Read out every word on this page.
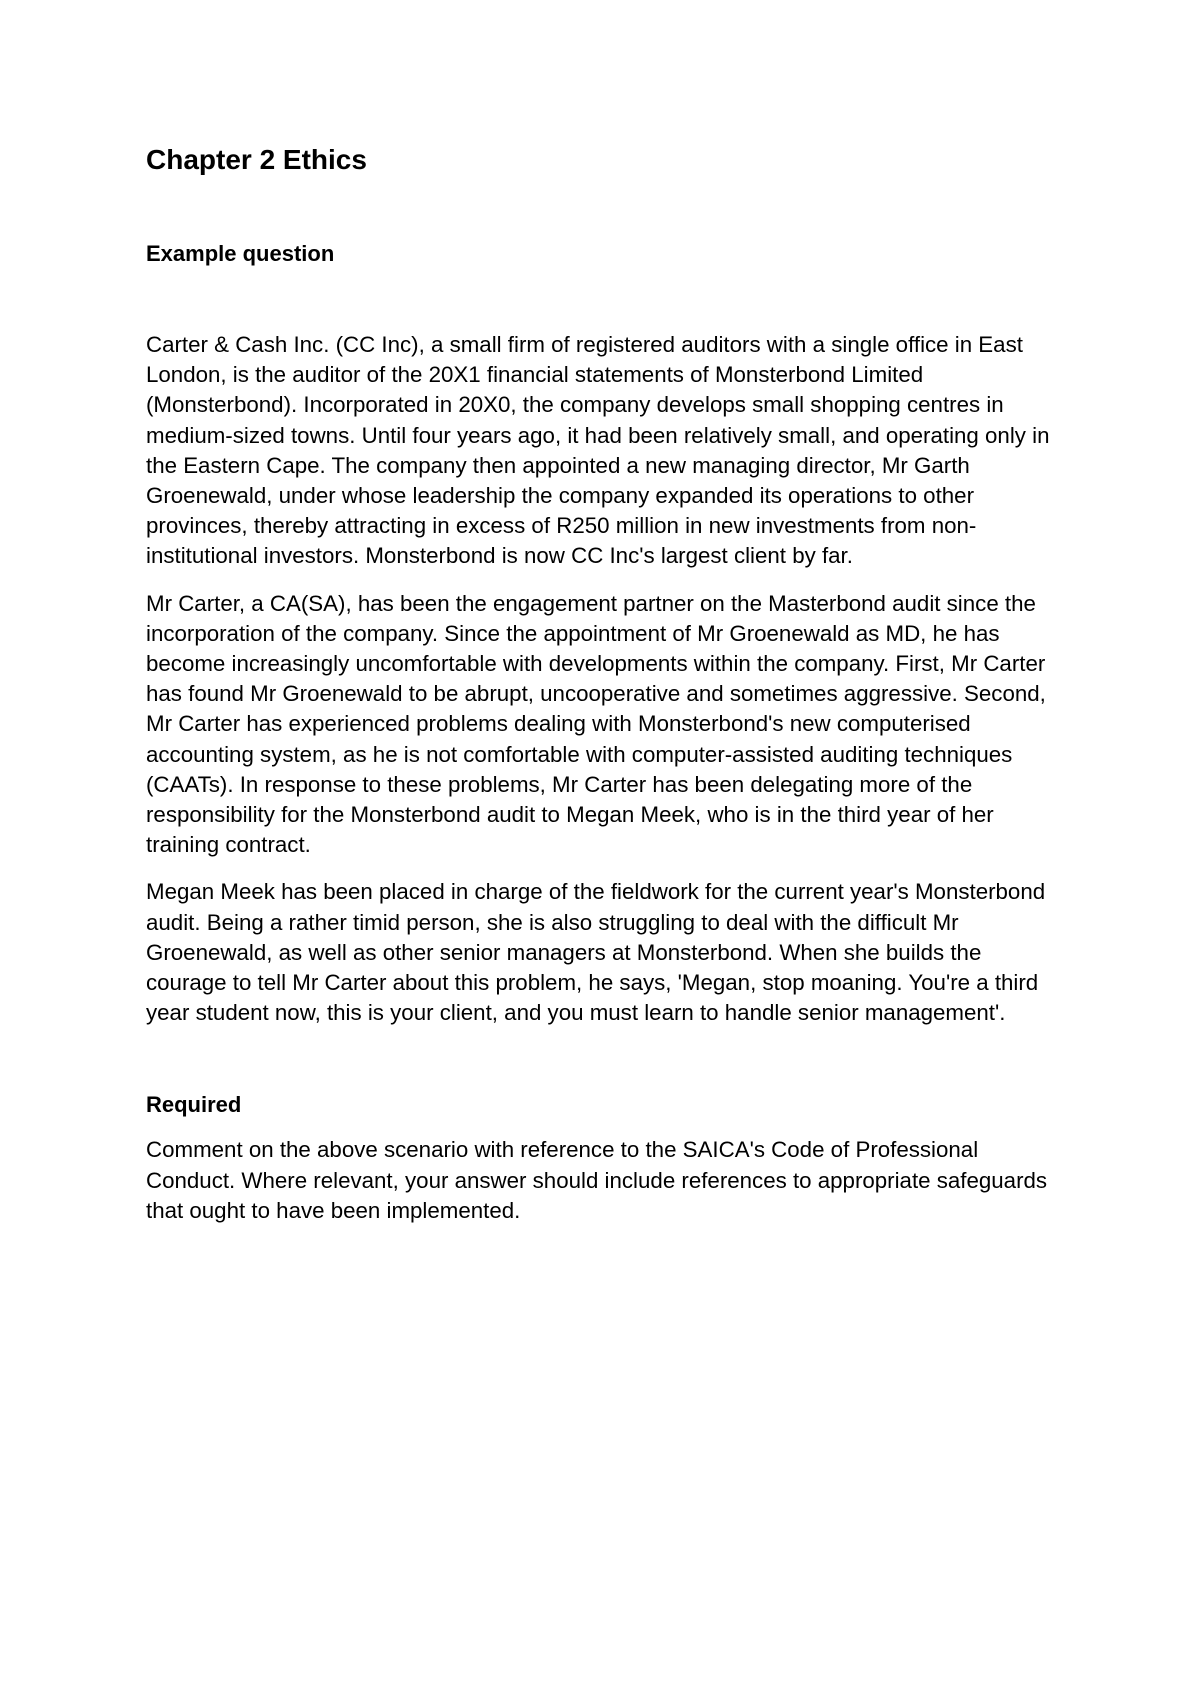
Chapter 2 Ethics
Example question

Carter & Cash Inc. (CC Inc), a small firm of registered auditors with a single office in East London, is the auditor of the 20X1 financial statements of Monsterbond Limited (Monsterbond). Incorporated in 20X0, the company develops small shopping centres in medium-sized towns. Until four years ago, it had been relatively small, and operating only in the Eastern Cape. The company then appointed a new managing director, Mr Garth Groenewald, under whose leadership the company expanded its operations to other provinces, thereby attracting in excess of R250 million in new investments from non-institutional investors. Monsterbond is now CC Inc's largest client by far.

Mr Carter, a CA(SA), has been the engagement partner on the Masterbond audit since the incorporation of the company. Since the appointment of Mr Groenewald as MD, he has become increasingly uncomfortable with developments within the company. First, Mr Carter has found Mr Groenewald to be abrupt, uncooperative and sometimes aggressive. Second, Mr Carter has experienced problems dealing with Monsterbond's new computerised accounting system, as he is not comfortable with computer-assisted auditing techniques (CAATs). In response to these problems, Mr Carter has been delegating more of the responsibility for the Monsterbond audit to Megan Meek, who is in the third year of her training contract.

Megan Meek has been placed in charge of the fieldwork for the current year's Monsterbond audit. Being a rather timid person, she is also struggling to deal with the difficult Mr Groenewald, as well as other senior managers at Monsterbond. When she builds the courage to tell Mr Carter about this problem, he says, 'Megan, stop moaning. You're a third year student now, this is your client, and you must learn to handle senior management'.

Required

Comment on the above scenario with reference to the SAICA's Code of Professional Conduct. Where relevant, your answer should include references to appropriate safeguards that ought to have been implemented.
